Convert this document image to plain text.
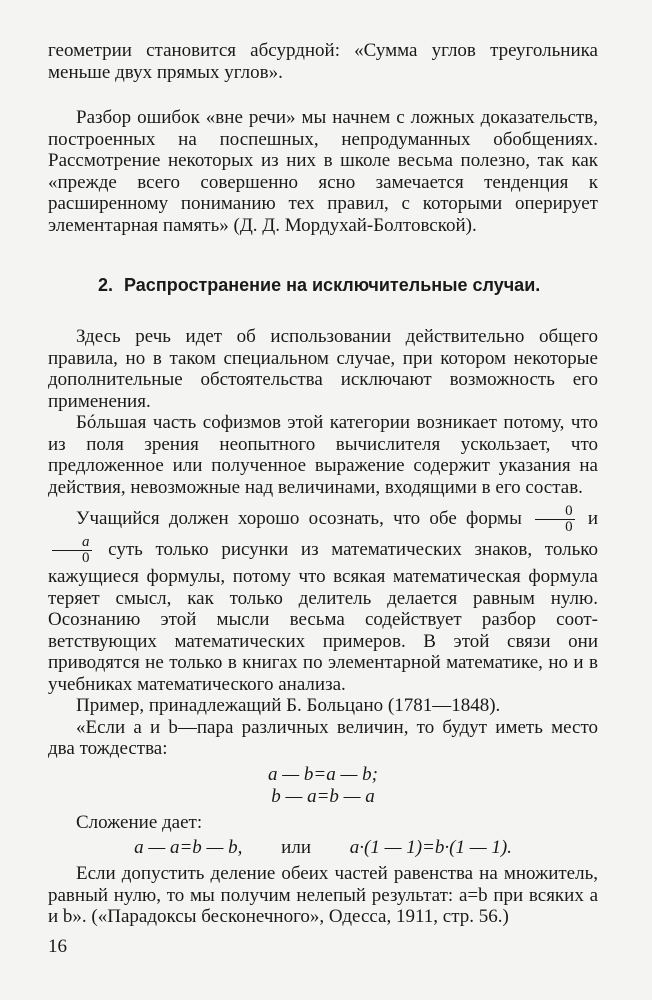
геометрии становится абсурдной: «Сумма углов треугольника меньше двух прямых углов».

Разбор ошибок «вне речи» мы начнем с ложных доказательств, построенных на поспешных, непродуманных обобщениях. Рассмотрение некоторых из них в школе весьма полезно, так как «прежде всего совершенно ясно замечается тенденция к расширенному пониманию тех правил, с которыми оперирует элементарная память» (Д. Д. Мордухай-Болтовской).

2. Распространение на исключительные случаи.

Здесь речь идет об использовании действительно общего правила, но в таком специальном случае, при котором некоторые дополнительные обстоятельства исключают возможность его применения.

Бóльшая часть софизмов этой категории возникает потому, что из поля зрения неопытного вычислителя ускользает, что предложенное или полученное выражение содержит указания на действия, невозможные над величинами, входящими в его состав.

Учащийся должен хорошо осознать, что обе формы $\frac{0}{0}$ и
$\frac{a}{0}$ суть только рисунки из математических знаков, только кажущиеся формулы, потому что всякая математическая формула теряет смысл, как только делитель делается равным нулю. Осознанию этой мысли весьма содействует разбор соответствующих математических примеров. В этой связи они приводятся не только в книгах по элементарной математике, но и в учебниках математического анализа.

Пример, принадлежащий Б. Больцано (1781—1848).

«Если a и b—пара различных величин, то будут иметь место два тождества:

a — b=a — b;
b — a=b — a

Сложение дает:

a — a=b — b, или a·(1 — 1)=b·(1 — 1).

Если допустить деление обеих частей равенства на множитель, равный нулю, то мы получим нелепый результат: a=b при всяких a и b». («Парадоксы бесконечного», Одесса, 1911, стр. 56.)

16
